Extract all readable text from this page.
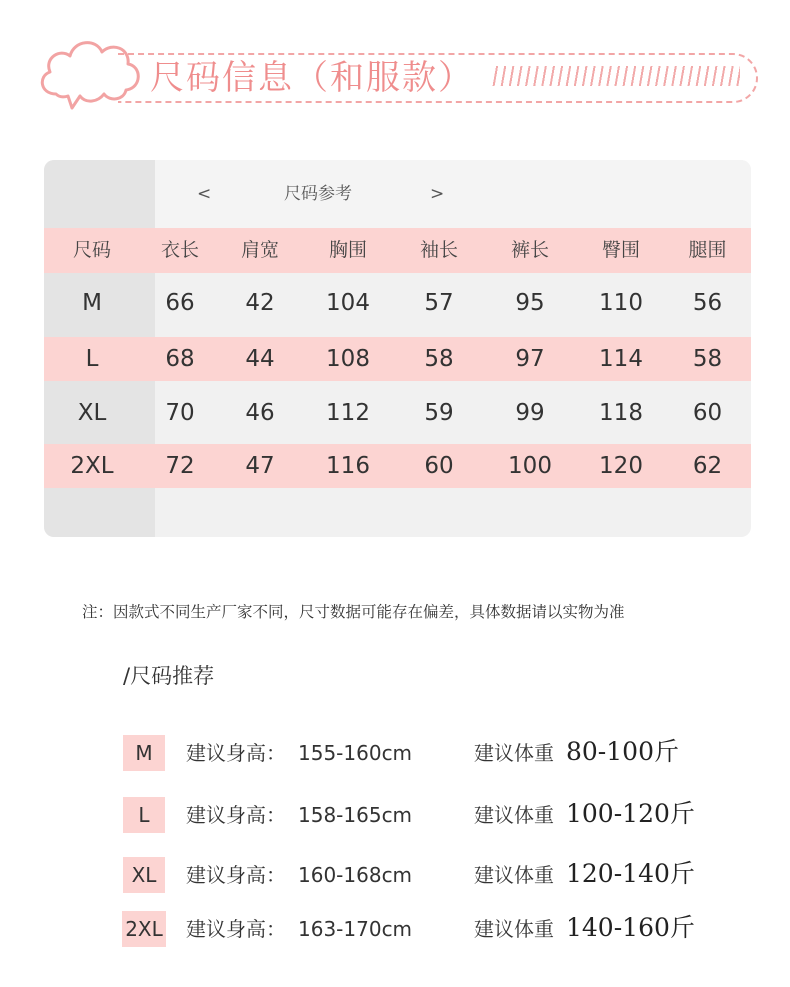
尺码信息（和服款）
<	尺码参考	>
尺码	衣长	肩宽	胸围	袖长	裤长	臀围	腿围
M	66	42	104	57	95	110	56
L	68	44	108	58	97	114	58
XL	70	46	112	59	99	118	60
2XL	72	47	116	60	100	120	62
注：因款式不同生产厂家不同，尺寸数据可能存在偏差，具体数据请以实物为准
/尺码推荐
M	建议身高： 155-160cm	建议体重 80-100斤
L	建议身高： 158-165cm	建议体重 100-120斤
XL	建议身高： 160-168cm	建议体重 120-140斤
2XL 建议身高： 163-170cm	建议体重 140-160斤
